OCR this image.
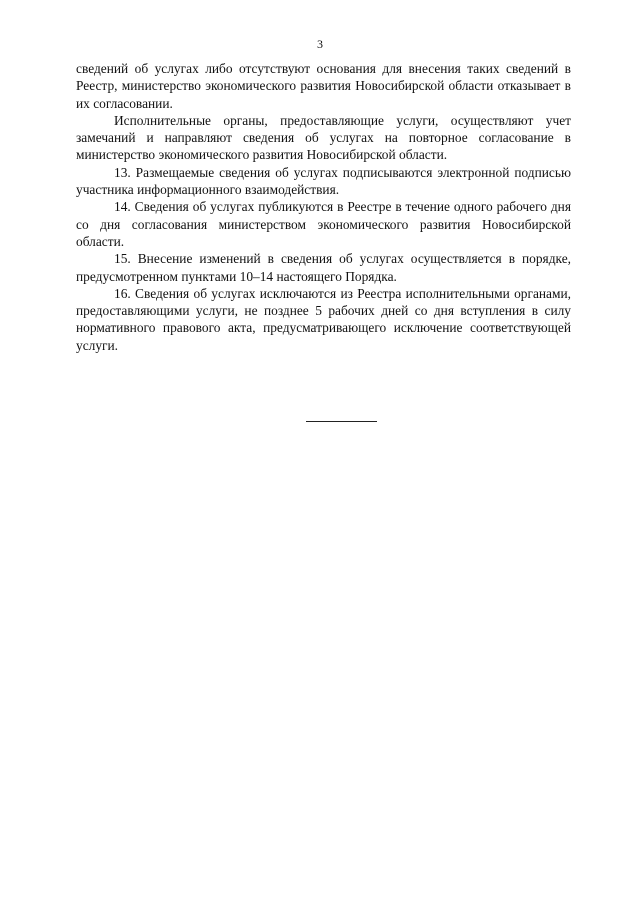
3

сведений об услугах либо отсутствуют основания для внесения таких сведений в Реестр, министерство экономического развития Новосибирской области отказывает в их согласовании.

Исполнительные органы, предоставляющие услуги, осуществляют учет замечаний и направляют сведения об услугах на повторное согласование в министерство экономического развития Новосибирской области.

13. Размещаемые сведения об услугах подписываются электронной подписью участника информационного взаимодействия.

14. Сведения об услугах публикуются в Реестре в течение одного рабочего дня со дня согласования министерством экономического развития Новосибирской области.

15. Внесение изменений в сведения об услугах осуществляется в порядке, предусмотренном пунктами 10–14 настоящего Порядка.

16. Сведения об услугах исключаются из Реестра исполнительными органами, предоставляющими услуги, не позднее 5 рабочих дней со дня вступления в силу нормативного правового акта, предусматривающего исключение соответствующей услуги.
